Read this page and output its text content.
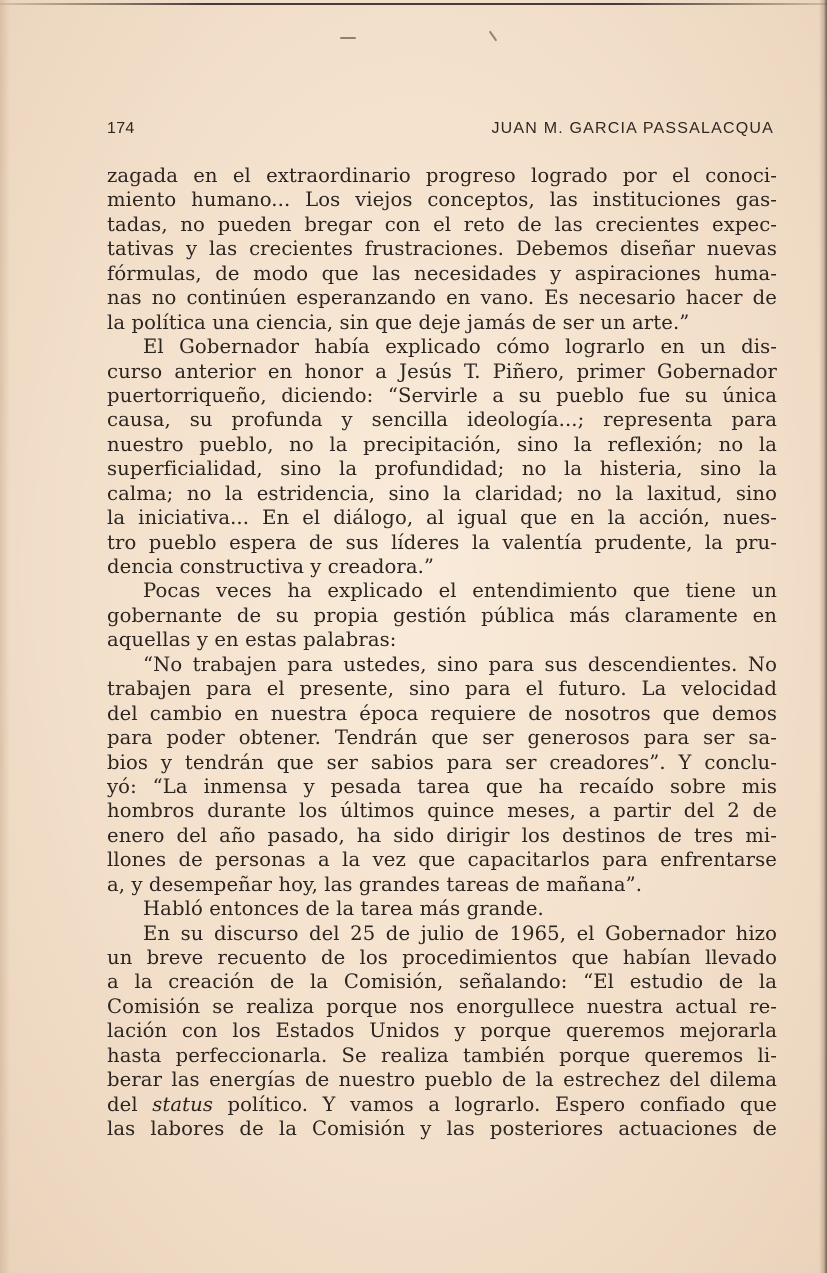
174	JUAN M. GARCIA PASSALACQUA
zagada en el extraordinario progreso logrado por el conoci-
miento humano... Los viejos conceptos, las instituciones gas-
tadas, no pueden bregar con el reto de las crecientes expec-
tativas y las crecientes frustraciones. Debemos diseñar nuevas
fórmulas, de modo que las necesidades y aspiraciones huma-
nas no continúen esperanzando en vano. Es necesario hacer de
la política una ciencia, sin que deje jamás de ser un arte.”
El Gobernador había explicado cómo lograrlo en un dis-
curso anterior en honor a Jesús T. Piñero, primer Gobernador
puertorriqueño, diciendo: “Servirle a su pueblo fue su única
causa, su profunda y sencilla ideología...; representa para
nuestro pueblo, no la precipitación, sino la reflexión; no la
superficialidad, sino la profundidad; no la histeria, sino la
calma; no la estridencia, sino la claridad; no la laxitud, sino
la iniciativa... En el diálogo, al igual que en la acción, nues-
tro pueblo espera de sus líderes la valentía prudente, la pru-
dencia constructiva y creadora.”
Pocas veces ha explicado el entendimiento que tiene un
gobernante de su propia gestión pública más claramente en
aquellas y en estas palabras:
“No trabajen para ustedes, sino para sus descendientes. No
trabajen para el presente, sino para el futuro. La velocidad
del cambio en nuestra época requiere de nosotros que demos
para poder obtener. Tendrán que ser generosos para ser sa-
bios y tendrán que ser sabios para ser creadores”. Y conclu-
yó: “La inmensa y pesada tarea que ha recaído sobre mis
hombros durante los últimos quince meses, a partir del 2 de
enero del año pasado, ha sido dirigir los destinos de tres mi-
llones de personas a la vez que capacitarlos para enfrentarse
a, y desempeñar hoy, las grandes tareas de mañana”.
Habló entonces de la tarea más grande.
En su discurso del 25 de julio de 1965, el Gobernador hizo
un breve recuento de los procedimientos que habían llevado
a la creación de la Comisión, señalando: “El estudio de la
Comisión se realiza porque nos enorgullece nuestra actual re-
lación con los Estados Unidos y porque queremos mejorarla
hasta perfeccionarla. Se realiza también porque queremos li-
berar las energías de nuestro pueblo de la estrechez del dilema
del status político. Y vamos a lograrlo. Espero confiado que
las labores de la Comisión y las posteriores actuaciones de
